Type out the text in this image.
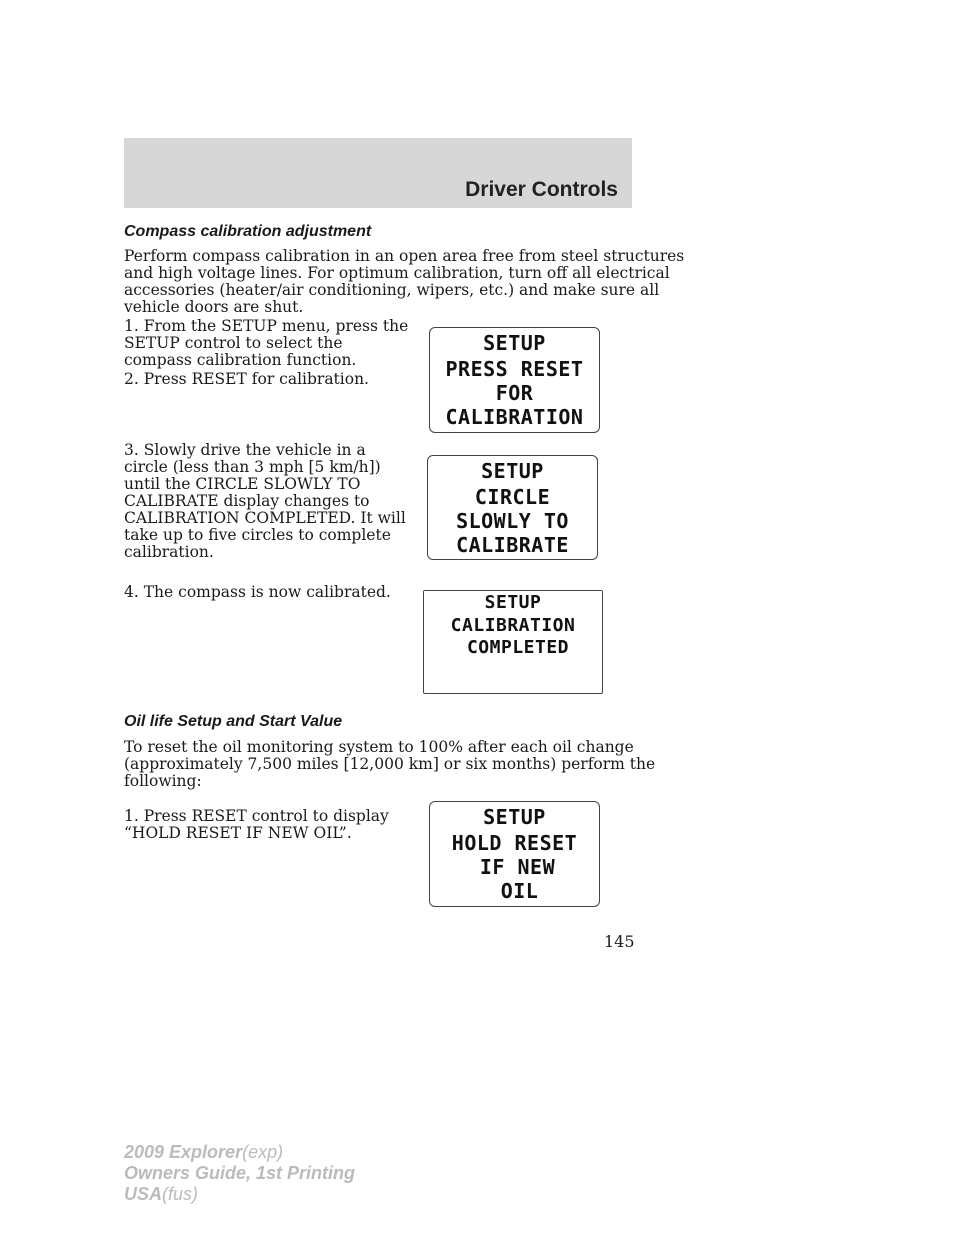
Driver Controls
Compass calibration adjustment

Perform compass calibration in an open area free from steel structures
and high voltage lines. For optimum calibration, turn off all electrical
accessories (heater/air conditioning, wipers, etc.) and make sure all
vehicle doors are shut.

1. From the SETUP menu, press the
SETUP control to select the
compass calibration function.

2. Press RESET for calibration.

SETUP
PRESS RESET
FOR
CALIBRATION

3. Slowly drive the vehicle in a
circle (less than 3 mph [5 km/h])
until the CIRCLE SLOWLY TO
CALIBRATE display changes to
CALIBRATION COMPLETED. It will
take up to five circles to complete
calibration.

SETUP
CIRCLE
SLOWLY TO
CALIBRATE

4. The compass is now calibrated.	SETUP
CALIBRATION
COMPLETED
Oil life Setup and Start Value

To reset the oil monitoring system to 100% after each oil change
(approximately 7,500 miles [12,000 km] or six months) perform the
following:

1. Press RESET control to display
“HOLD RESET IF NEW OIL”.

SETUP
HOLD RESET
IF NEW
OIL
145
2009 Explorer(exp)
Owners Guide, 1st Printing
USA(fus)
